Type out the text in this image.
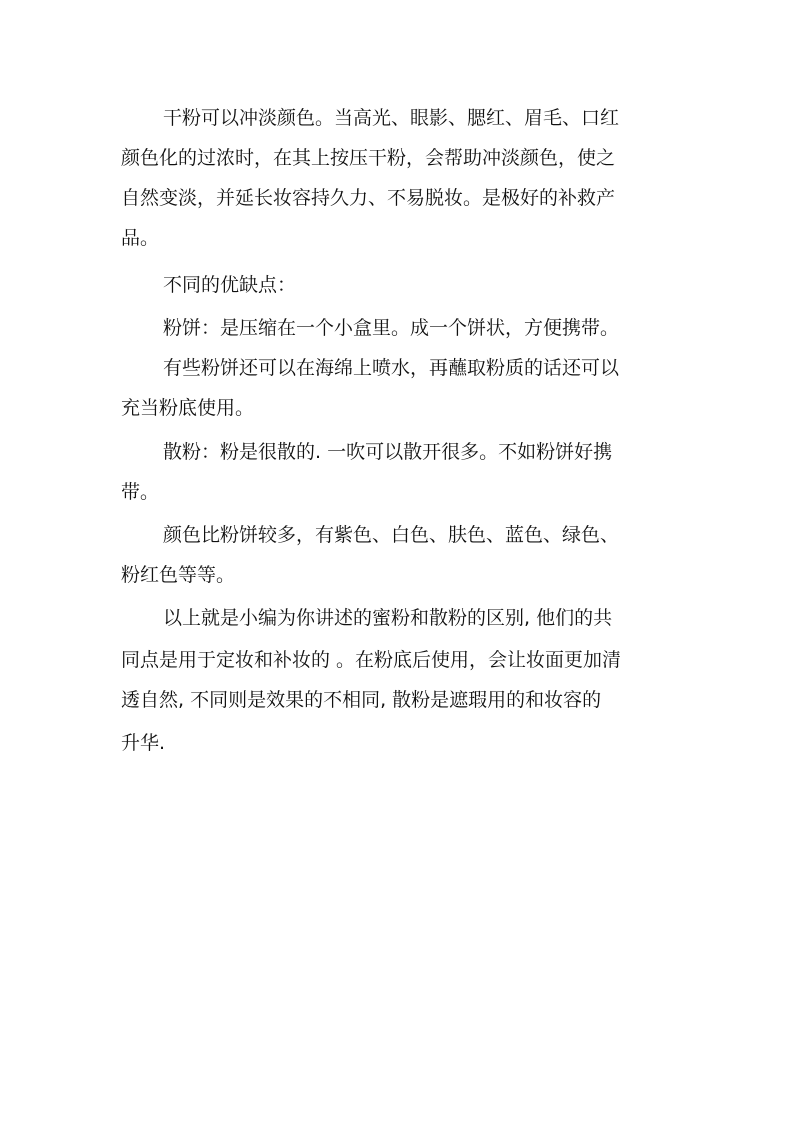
干粉可以冲淡颜色。当高光、眼影、腮红、眉毛、口红
颜色化的过浓时，在其上按压干粉，会帮助冲淡颜色，使之
自然变淡，并延长妆容持久力、不易脱妆。是极好的补救产
品。
不同的优缺点：
粉饼：是压缩在一个小盒里。成一个饼状，方便携带。
有些粉饼还可以在海绵上喷水，再蘸取粉质的话还可以
充当粉底使用。
散粉：粉是很散的. 一吹可以散开很多。不如粉饼好携
带。
颜色比粉饼较多，有紫色、白色、肤色、蓝色、绿色、
粉红色等等。
以上就是小编为你讲述的蜜粉和散粉的区别, 他们的共
同点是用于定妆和补妆的 。在粉底后使用，会让妆面更加清
透自然, 不同则是效果的不相同, 散粉是遮瑕用的和妆容的
升华.
